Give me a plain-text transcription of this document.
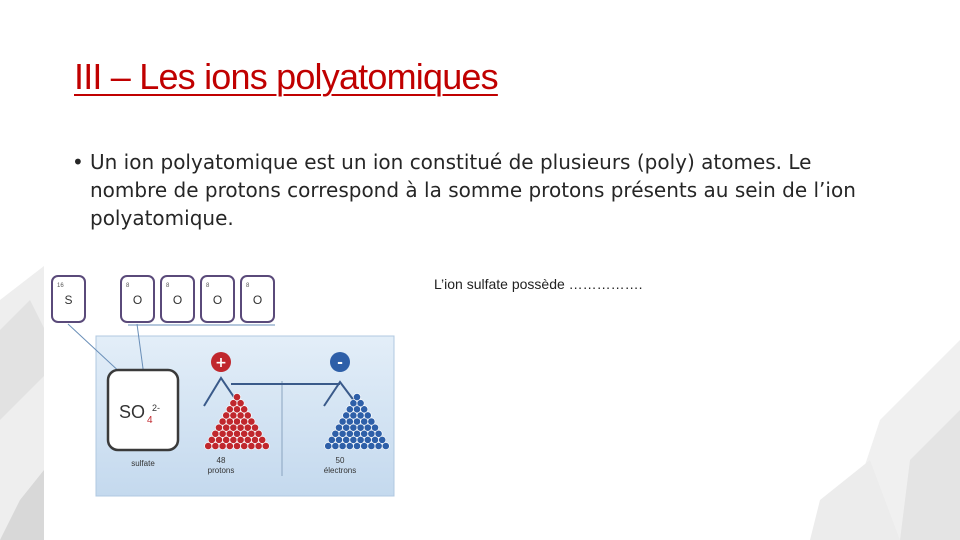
III – Les ions polyatomiques
• Un ion polyatomique est un ion constitué de plusieurs (poly) atomes. Le nombre de protons correspond à la somme protons présents au sein de l’ion polyatomique.
L’ion sulfate possède …………….
16
S
8
O
8
O
8
O
8
O
SO 4
2-
sulfate
+	-
48
protons
50
électrons
